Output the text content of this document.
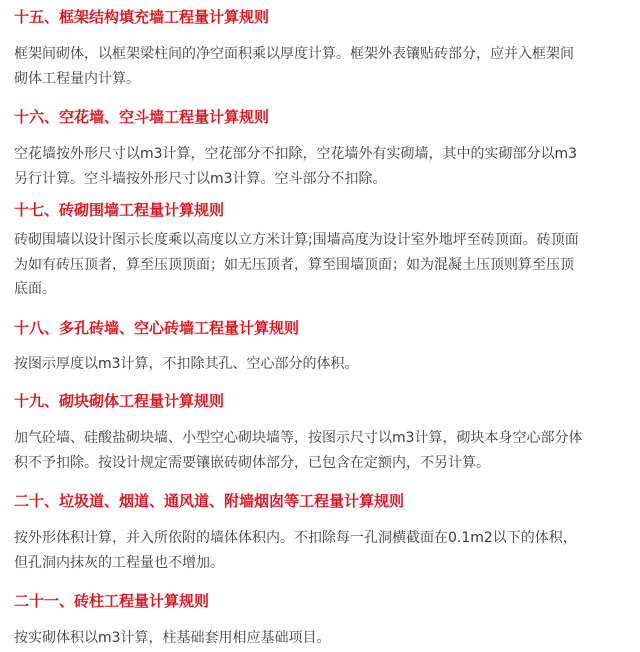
十五、框架结构填充墙工程量计算规则
框架间砌体，以框架梁柱间的净空面积乘以厚度计算。框架外表镶贴砖部分，应并入框架间
砌体工程量内计算。
十六、空花墙、空斗墙工程量计算规则
空花墙按外形尺寸以m3计算，空花部分不扣除，空花墙外有实砌墙，其中的实砌部分以m3
另行计算。空斗墙按外形尺寸以m3计算。空斗部分不扣除。
十七、砖砌围墙工程量计算规则
砖砌围墙以设计图示长度乘以高度以立方米计算;围墙高度为设计室外地坪至砖顶面。砖顶面
为如有砖压顶者，算至压顶顶面；如无压顶者，算至围墙顶面；如为混凝土压顶则算至压顶
底面。
十八、多孔砖墙、空心砖墙工程量计算规则
按图示厚度以m3计算，不扣除其孔、空心部分的体积。
十九、砌块砌体工程量计算规则
加气砼墙、硅酸盐砌块墙、小型空心砌块墙等，按图示尺寸以m3计算，砌块本身空心部分体
积不予扣除。按设计规定需要镶嵌砖砌体部分，已包含在定额内，不另计算。
二十、垃圾道、烟道、通风道、附墙烟囱等工程量计算规则
按外形体积计算，并入所依附的墙体体积内。不扣除每一孔洞横截面在0.1m2以下的体积，
但孔洞内抹灰的工程量也不增加。
二十一、砖柱工程量计算规则
按实砌体积以m3计算，柱基础套用相应基础项目。
